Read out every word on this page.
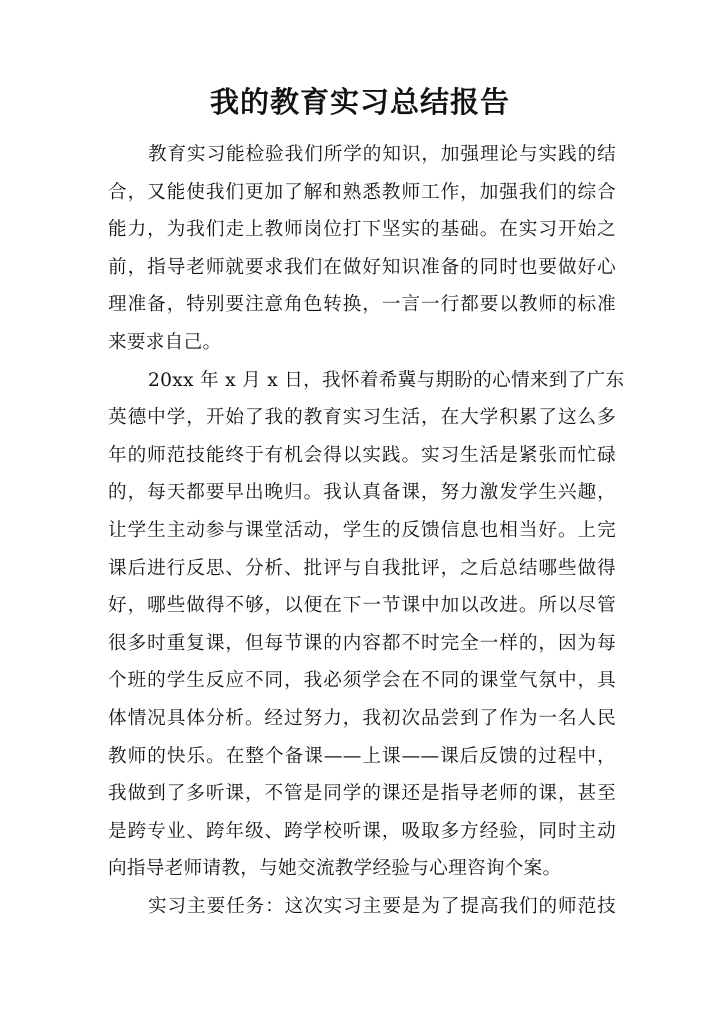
我的教育实习总结报告

教育实习能检验我们所学的知识，加强理论与实践的结
合，又能使我们更加了解和熟悉教师工作，加强我们的综合
能力，为我们走上教师岗位打下坚实的基础。在实习开始之
前，指导老师就要求我们在做好知识准备的同时也要做好心
理准备，特别要注意角色转换，一言一行都要以教师的标准
来要求自己。

20xx 年 x 月 x 日，我怀着希冀与期盼的心情来到了广东
英德中学，开始了我的教育实习生活，在大学积累了这么多
年的师范技能终于有机会得以实践。实习生活是紧张而忙碌
的，每天都要早出晚归。我认真备课，努力激发学生兴趣，
让学生主动参与课堂活动，学生的反馈信息也相当好。上完
课后进行反思、分析、批评与自我批评，之后总结哪些做得
好，哪些做得不够，以便在下一节课中加以改进。所以尽管
很多时重复课，但每节课的内容都不时完全一样的，因为每
个班的学生反应不同，我必须学会在不同的课堂气氛中，具
体情况具体分析。经过努力，我初次品尝到了作为一名人民
教师的快乐。在整个备课——上课——课后反馈的过程中，
我做到了多听课，不管是同学的课还是指导老师的课，甚至
是跨专业、跨年级、跨学校听课，吸取多方经验，同时主动
向指导老师请教，与她交流教学经验与心理咨询个案。

实习主要任务：这次实习主要是为了提高我们的师范技
